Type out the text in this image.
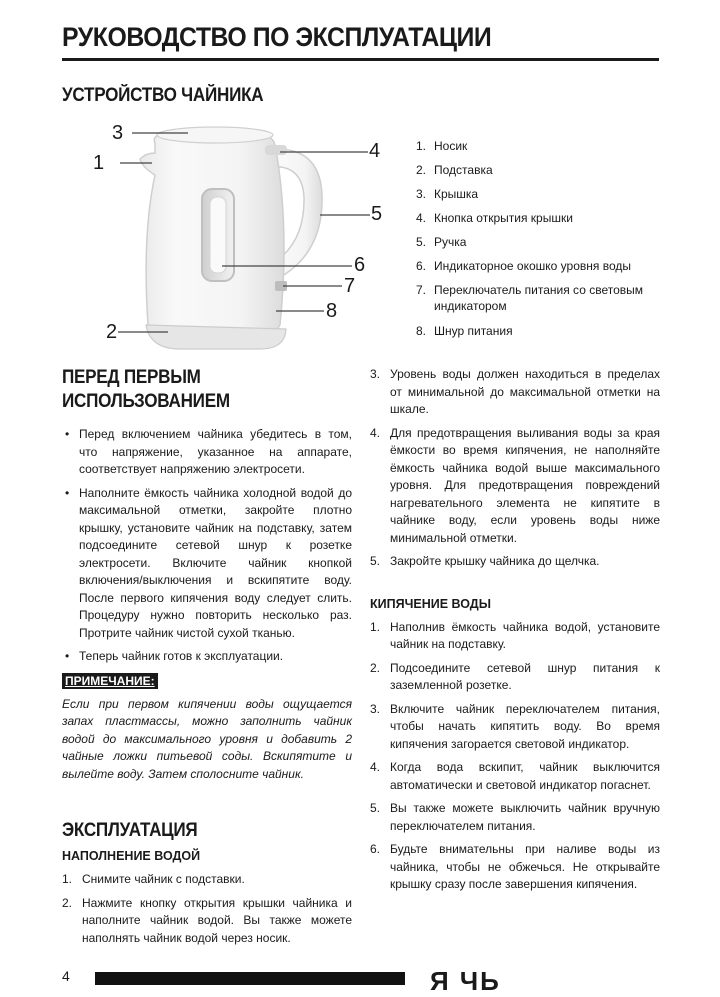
РУКОВОДСТВО ПО ЭКСПЛУАТАЦИИ
УСТРОЙСТВО ЧАЙНИКА
3
1
2
4
5
6
7
8
1. Носик
2. Подставка
3. Крышка
4. Кнопка открытия крышки
5. Ручка
6. Индикаторное окошко уровня воды
7. Переключатель питания со световым индикатором
8. Шнур питания
ПЕРЕД ПЕРВЫМ
ИСПОЛЬЗОВАНИЕМ
• Перед включением чайника убедитесь в том, что напряжение, указанное на аппарате, соответствует напряжению электросети.
• Наполните ёмкость чайника холодной водой до максимальной отметки, закройте плотно крышку, установите чайник на подставку, затем подсоедините сетевой шнур к розетке электросети. Включите чайник кнопкой включения/выключения и вскипятите воду. После первого кипячения воду следует слить. Процедуру нужно повторить несколько раз. Протрите чайник чистой сухой тканью.
• Теперь чайник готов к эксплуатации.
ПРИМЕЧАНИЕ:
Если при первом кипячении воды ощущается запах пластмассы, можно заполнить чайник водой до максимального уровня и добавить 2 чайные ложки питьевой соды. Вскипятите и вылейте воду. Затем сполосните чайник.
ЭКСПЛУАТАЦИЯ
НАПОЛНЕНИЕ ВОДОЙ
1. Снимите чайник с подставки.
2. Нажмите кнопку открытия крышки чайника и наполните чайник водой. Вы также можете наполнять чайник водой через носик.
3. Уровень воды должен находиться в пределах от минимальной до максимальной отметки на шкале.
4. Для предотвращения выливания воды за края ёмкости во время кипячения, не наполняйте ёмкость чайника водой выше максимального уровня. Для предотвращения повреждений нагревательного элемента не кипятите в чайнике воду, если уровень воды ниже минимальной отметки.
5. Закройте крышку чайника до щелчка.
КИПЯЧЕНИЕ ВОДЫ
1. Наполнив ёмкость чайника водой, установите чайник на подставку.
2. Подсоедините сетевой шнур питания к заземленной розетке.
3. Включите чайник переключателем питания, чтобы начать кипятить воду. Во время кипячения загорается световой индикатор.
4. Когда вода вскипит, чайник выключится автоматически и световой индикатор погаснет.
5. Вы также можете выключить чайник вручную переключателем питания.
6. Будьте внимательны при наливе воды из чайника, чтобы не обжечься. Не открывайте крышку сразу после завершения кипячения.
4	Я ЧЬ
